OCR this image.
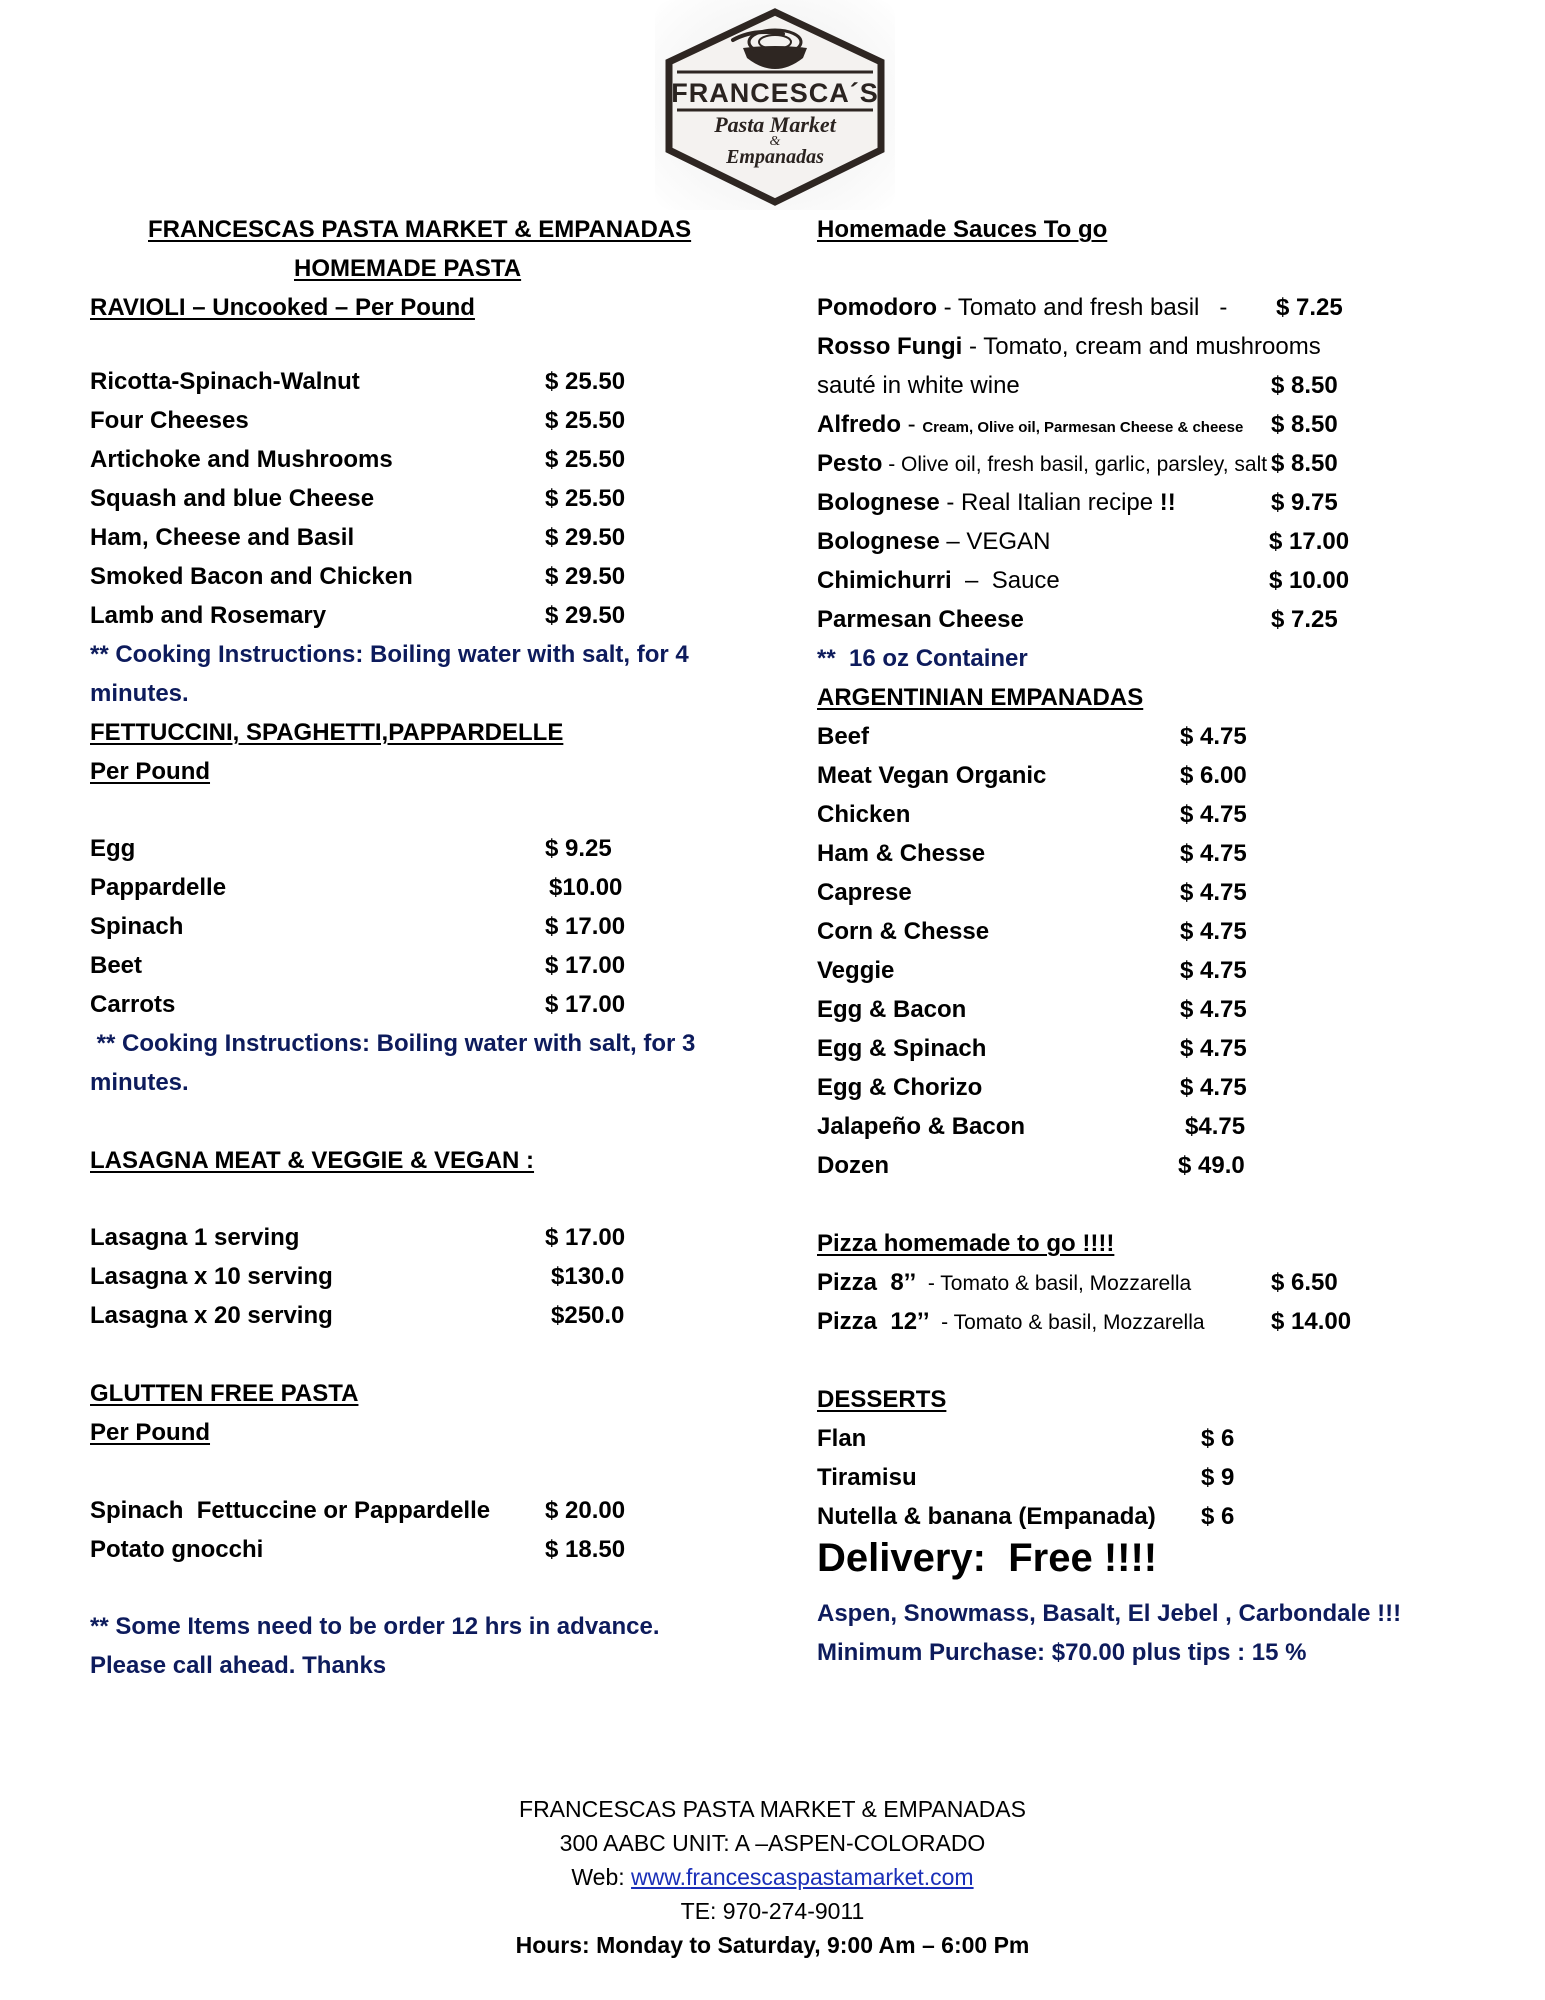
FRANCESCA´S
Pasta Market
&
Empanadas
FRANCESCAS PASTA MARKET & EMPANADAS
HOMEMADE PASTA
RAVIOLI – Uncooked – Per Pound
Ricotta-Spinach-Walnut	$ 25.50
Four Cheeses	$ 25.50
Artichoke and Mushrooms	$ 25.50
Squash and blue Cheese	$ 25.50
Ham, Cheese and Basil	$ 29.50
Smoked Bacon and Chicken	$ 29.50
Lamb and Rosemary	$ 29.50
** Cooking Instructions: Boiling water with salt, for 4
minutes.
FETTUCCINI, SPAGHETTI,PAPPARDELLE
Per Pound
Egg	$ 9.25
Pappardelle	$10.00
Spinach	$ 17.00
Beet	$ 17.00
Carrots	$ 17.00
** Cooking Instructions: Boiling water with salt, for 3
minutes.
LASAGNA MEAT & VEGGIE & VEGAN :
Lasagna 1 serving	$ 17.00
Lasagna x 10 serving	$130.0
Lasagna x 20 serving	$250.0
GLUTTEN FREE PASTA
Per Pound
Spinach  Fettuccine or Pappardelle $ 20.00
Potato gnocchi	$ 18.50
** Some Items need to be order 12 hrs in advance.
Please call ahead. Thanks
Homemade Sauces To go
Pomodoro - Tomato and fresh basil   - $ 7.25
Rosso Fungi - Tomato, cream and mushrooms
sauté in white wine	$ 8.50
Alfredo - Cream, Olive oil, Parmesan Cheese & cheese $ 8.50
Pesto - Olive oil, fresh basil, garlic, parsley, salt $ 8.50
Bolognese - Real Italian recipe !!	$ 9.75
Bolognese – VEGAN	$ 17.00
Chimichurri  –  Sauce	$ 10.00
Parmesan Cheese	$ 7.25
**  16 oz Container
ARGENTINIAN EMPANADAS
Beef	$ 4.75
Meat Vegan Organic	$ 6.00
Chicken	$ 4.75
Ham & Chesse	$ 4.75
Caprese	$ 4.75
Corn & Chesse	$ 4.75
Veggie	$ 4.75
Egg & Bacon	$ 4.75
Egg & Spinach	$ 4.75
Egg & Chorizo	$ 4.75
Jalapeño & Bacon	$4.75
Dozen	$ 49.0
Pizza homemade to go !!!!
Pizza  8’’  - Tomato & basil, Mozzarella	$ 6.50
Pizza  12’’  - Tomato & basil, Mozzarella	$ 14.00
DESSERTS
Flan	$ 6
Tiramisu	$ 9
Nutella & banana (Empanada) $ 6
Delivery:  Free !!!!
Aspen, Snowmass, Basalt, El Jebel , Carbondale !!!
Minimum Purchase: $70.00 plus tips : 15 %
FRANCESCAS PASTA MARKET & EMPANADAS
300 AABC UNIT: A –ASPEN-COLORADO
Web: www.francescaspastamarket.com
TE: 970-274-9011
Hours: Monday to Saturday, 9:00 Am – 6:00 Pm
